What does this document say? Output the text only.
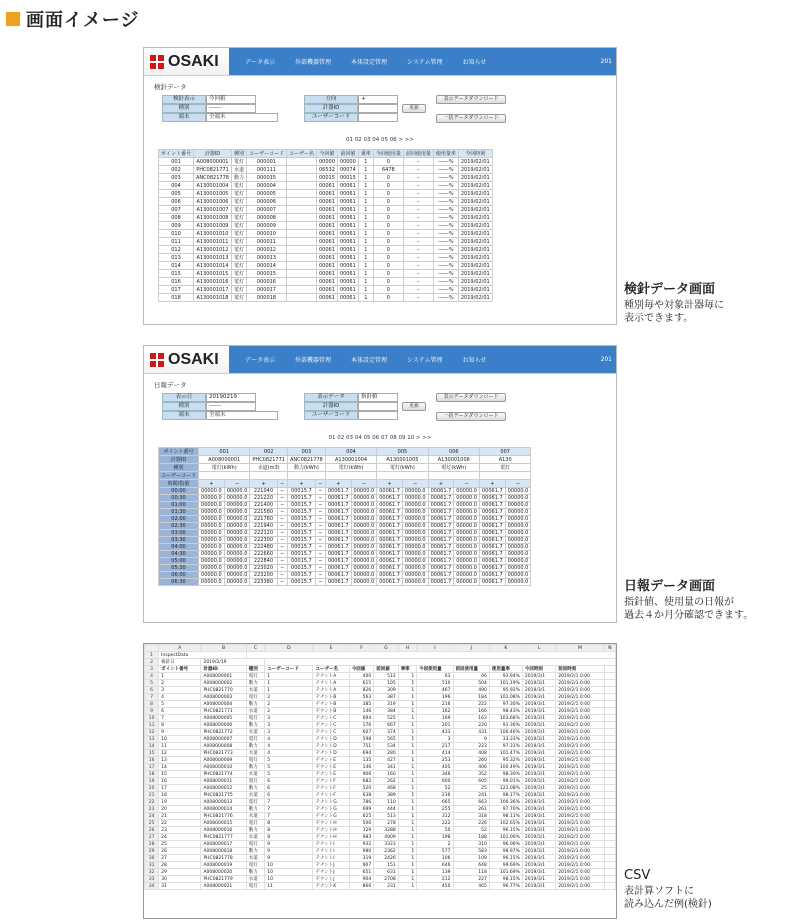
画面イメージ
OSAKI	データ表示	外部機器管理	本体設定管理	システム管理	お知らせ	201
検針データ
検針表示	今回値
種別	------
端末	全端末
方向	+
計器ID
ユーザーコード
更新
表示データダウンロード
一括データダウンロード
01 02 03 04 05 06 > >>
ポイント番号	計器ID	種別	ユーザーコード	ユーザー名	今回値	前回値	乗率	今回使用量	前回使用量	使用量率	今回時刻
001	A008000001	電灯	000001		00000	00000	1	0	–	------%	2019/02/01
002	PHC0821771	水道	000111		06532	00074	1	6478	–	------%	2019/02/01
003	ANC0821778	動力	000015		00015	00015	1	0	–	------%	2019/02/01
004	A130001004	電灯	000004		00061	00061	1	0	–	------%	2019/02/01
005	A130001005	電灯	000005		00061	00061	1	0	–	------%	2019/02/01
006	A130001006	電灯	000006		00061	00061	1	0	–	------%	2019/02/01
007	A130001007	電灯	000007		00061	00061	1	0	–	------%	2019/02/01
008	A130001008	電灯	000008		00061	00061	1	0	–	------%	2019/02/01
009	A130001009	電灯	000009		00061	00061	1	0	–	------%	2019/02/01
010	A130001010	電灯	000010		00061	00061	1	0	–	------%	2019/02/01
011	A130001011	電灯	000011		00061	00061	1	0	–	------%	2019/02/01
012	A130001012	電灯	000012		00061	00061	1	0	–	------%	2019/02/01
013	A130001013	電灯	000013		00061	00061	1	0	–	------%	2019/02/01
014	A130001014	電灯	000014		00061	00061	1	0	–	------%	2019/02/01
015	A130001015	電灯	000015		00061	00061	1	0	–	------%	2019/02/01
016	A130001016	電灯	000016		00061	00061	1	0	–	------%	2019/02/01
017	A130001017	電灯	000017		00061	00061	1	0	–	------%	2019/02/01
018	A130001018	電灯	000018		00061	00061	1	0	–	------%	2019/02/01
OSAKI	データ表示	外部機器管理	本体設定管理	システム管理	お知らせ	201
日報データ
表示日	20190219
種別	------
端末	全端末
表示データ	指針値
計器ID
ユーザーコード
更新
表示データダウンロード
一括データダウンロード
01 02 03 04 05 06 07 08 09 10 > >>
ポイント番号	001		002		003		004		005		006		007	
計器ID	A008000001		PHC0821771		ANC0821778		A130001004		A130001005		A130001006		A130	
種別	電灯(kWh)		水道(m3)		動力(kWh)		電灯(kWh)		電灯(kWh)		電灯(kWh)		電灯	
ユーザーコード														
時間/指値	+	−	+	−	+	−	+	−	+	−	+	−	+	−
00:00	00000.0	00000.0	221040	−	00015.7	−	00061.7	00000.0	00061.7	00000.0	00061.7	00000.0	00061.7	00000.0
00:30	00000.0	00000.0	221220	−	00015.7	−	00061.7	00000.0	00061.7	00000.0	00061.7	00000.0	00061.7	00000.0
01:00	00000.0	00000.0	221400	−	00015.7	−	00061.7	00000.0	00061.7	00000.0	00061.7	00000.0	00061.7	00000.0
01:30	00000.0	00000.0	221580	−	00015.7	−	00061.7	00000.0	00061.7	00000.0	00061.7	00000.0	00061.7	00000.0
02:00	00000.0	00000.0	221760	−	00015.7	−	00061.7	00000.0	00061.7	00000.0	00061.7	00000.0	00061.7	00000.0
02:30	00000.0	00000.0	221940	−	00015.7	−	00061.7	00000.0	00061.7	00000.0	00061.7	00000.0	00061.7	00000.0
03:00	00000.0	00000.0	222120	−	00015.7	−	00061.7	00000.0	00061.7	00000.0	00061.7	00000.0	00061.7	00000.0
03:30	00000.0	00000.0	222300	−	00015.7	−	00061.7	00000.0	00061.7	00000.0	00061.7	00000.0	00061.7	00000.0
04:00	00000.0	00000.0	222480	−	00015.7	−	00061.7	00000.0	00061.7	00000.0	00061.7	00000.0	00061.7	00000.0
04:30	00000.0	00000.0	222660	−	00015.7	−	00061.7	00000.0	00061.7	00000.0	00061.7	00000.0	00061.7	00000.0
05:00	00000.0	00000.0	222840	−	00015.7	−	00061.7	00000.0	00061.7	00000.0	00061.7	00000.0	00061.7	00000.0
05:30	00000.0	00000.0	223020	−	00015.7	−	00061.7	00000.0	00061.7	00000.0	00061.7	00000.0	00061.7	00000.0
06:00	00000.0	00000.0	223200	−	00015.7	−	00061.7	00000.0	00061.7	00000.0	00061.7	00000.0	00061.7	00000.0
06:30	00000.0	00000.0	223380	−	00015.7	−	00061.7	00000.0	00061.7	00000.0	00061.7	00000.0	00061.7	00000.0
	A	B	C	D	E	F	G	H	I	J	K	L	M	N
1	InspectData													
2	検針日	2019/2/19												
3	ポイント番号	計器ID	種別	ユーザーコード	ユーザー名	今回値	前回値	乗率	今回使用量	前回使用量	使用量率	今回時刻	前回時刻	
4	1	A008000001	電灯	1	テナントA	400	512	1	63	66	93.94%	2019/3/1	2019/2/1 0:00	
5	2	A008000002	動力	1	テナントA	615	105	1	510	504	101.19%	2019/3/1	2019/2/1 0:00	
6	3	PHC0821770	水道	1	テナントA	826	309	1	467	490	95.92%	2019/3/1	2019/2/1 0:00	
7	4	A008000003	電灯	2	テナントB	563	387	1	196	184	101.08%	2019/3/1	2019/2/1 0:00	
8	5	A008000004	動力	2	テナントB	385	319	1	216	222	97.30%	2019/3/1	2019/2/1 0:00	
9	6	PHC0821771	水道	2	テナントB	146	384	1	162	166	98.43%	2019/3/1	2019/2/1 0:00	
10	7	A008000005	電灯	3	テナントC	694	525	1	169	163	103.68%	2019/3/1	2019/2/1 0:00	
11	8	A008000006	動力	3	テナントC	176	667	1	201	220	91.36%	2019/3/1	2019/2/1 0:00	
12	9	PHC0821772	水道	3	テナントC	607	374	1	433	431	100.46%	2019/3/1	2019/2/1 0:00	
13	10	A008000007	電灯	4	テナントD	598	565	1	3	9	33.33%	2019/3/1	2019/2/1 0:00	
14	11	A008000008	動力	4	テナントD	751	534	1	217	223	97.31%	2019/3/1	2019/2/1 0:00	
15	12	PHC0821773	水道	4	テナントD	694	280	1	414	408	101.47%	2019/3/1	2019/2/1 0:00	
16	13	A008000009	電灯	5	テナントE	135	427	1	253	260	95.32%	2019/3/1	2019/2/1 0:00	
17	14	A008000010	動力	5	テナントE	146	341	1	405	406	100.49%	2019/3/1	2019/2/1 0:00	
18	15	PHC0821774	水道	5	テナントE	906	160	1	346	352	98.30%	2019/3/1	2019/2/1 0:00	
19	16	A008000011	電灯	6	テナントF	682	262	1	600	605	99.01%	2019/3/1	2019/2/1 0:00	
20	17	A008000012	動力	6	テナントF	520	468	1	52	25	123.08%	2019/3/1	2019/2/1 0:00	
21	18	PHC0821775	水道	6	テナントF	638	389	1	236	241	98.17%	2019/3/1	2019/2/1 0:00	
22	19	A008000013	電灯	7	テナントG	786	110	1	665	663	100.36%	2019/3/1	2019/2/1 0:00	
23	20	A008000014	動力	7	テナントG	699	444	1	255	261	97.70%	2019/3/1	2019/2/1 0:00	
24	21	PHC0821776	水道	7	テナントG	625	513	1	312	318	98.11%	2019/3/1	2019/2/1 0:00	
25	22	A008000015	電灯	8	テナントH	500	278	1	222	226	102.65%	2019/3/1	2019/2/1 0:00	
26	23	A008000016	動力	8	テナントH	329	3288	1	50	52	96.15%	2019/3/1	2019/2/1 0:00	
27	24	PHC0821777	水道	8	テナントH	983	4909	1	198	188	101.06%	2019/3/1	2019/2/1 0:00	
28	25	A008000017	電灯	9	テナントI	932	3323	1	2	310	96.06%	2019/3/1	2019/2/1 0:00	
29	26	A008000018	動力	9	テナントI	980	2362	1	577	583	98.97%	2019/3/1	2019/2/1 0:00	
30	27	PHC0821778	水道	9	テナントI	319	2426	1	106	109	96.15%	2019/3/1	2019/2/1 0:00	
31	28	A008000019	電灯	10	テナントJ	907	151	1	646	648	99.69%	2019/3/1	2019/2/1 0:00	
32	29	A008000020	動力	10	テナントJ	651	631	1	139	118	101.69%	2019/3/1	2019/2/1 0:00	
33	30	PHC0821779	水道	10	テナントJ	904	2708	1	212	227	98.15%	2019/3/1	2019/2/1 0:00	
34	31	A008000021	電灯	11	テナントK	866	231	1	450	465	96.77%	2019/3/1	2019/2/1 0:00	
検針データ画面
種別毎や対象計器毎に
表示できます。
日報データ画面
指針値、使用量の日報が
過去４か月分確認できます。
CSV
表計算ソフトに
読み込んだ例(検針)
